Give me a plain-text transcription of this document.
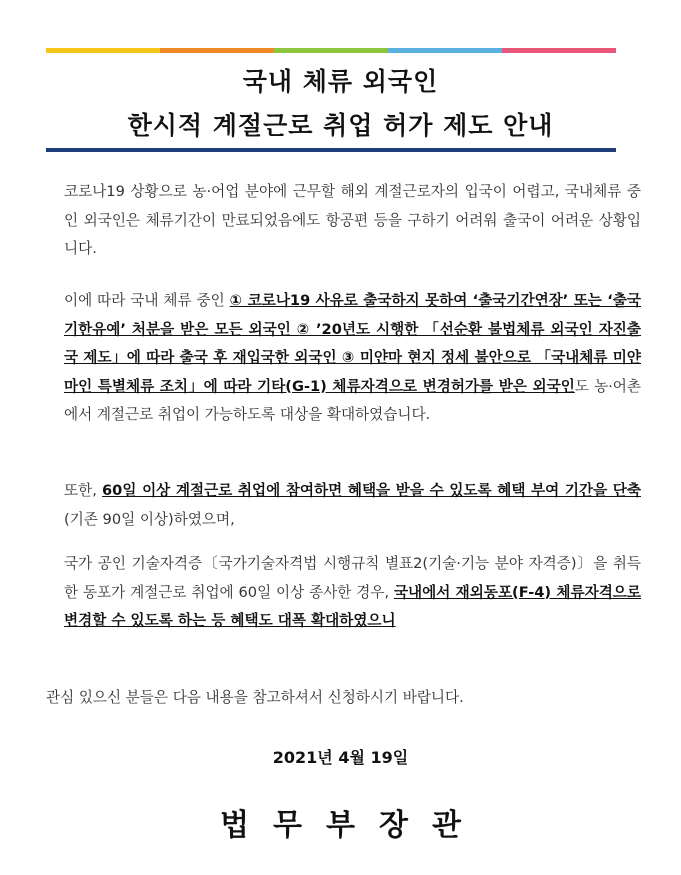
국내 체류 외국인
한시적 계절근로 취업 허가 제도 안내
코로나19 상황으로 농·어업 분야에 근무할 해외 계절근로자의 입국이 어렵고, 국내체류 중인 외국인은 체류기간이 만료되었음에도 항공편 등을 구하기 어려워 출국이 어려운 상황입니다.
이에 따라 국내 체류 중인 ① 코로나19 사유로 출국하지 못하여 ‘출국기간연장’ 또는 ‘출국기한유예’ 처분을 받은 모든 외국인 ② ’20년도 시행한 「선순환 불법체류 외국인 자진출국 제도」에 따라 출국 후 재입국한 외국인 ③ 미얀마 현지 정세 불안으로 「국내체류 미얀마인 특별체류 조치」에 따라 기타(G-1) 체류자격으로 변경허가를 받은 외국인도 농·어촌에서 계절근로 취업이 가능하도록 대상을 확대하였습니다.
또한, 60일 이상 계절근로 취업에 참여하면 혜택을 받을 수 있도록 혜택 부여 기간을 단축(기존 90일 이상)하였으며,
국가 공인 기술자격증〔국가기술자격법 시행규칙 별표2(기술·기능 분야 자격증)〕을 취득한 동포가 계절근로 취업에 60일 이상 종사한 경우, 국내에서 재외동포(F-4) 체류자격으로 변경할 수 있도록 하는 등 혜택도 대폭 확대하였으니
관심 있으신 분들은 다음 내용을 참고하셔서 신청하시기 바랍니다.
2021년 4월 19일
법무부장관
